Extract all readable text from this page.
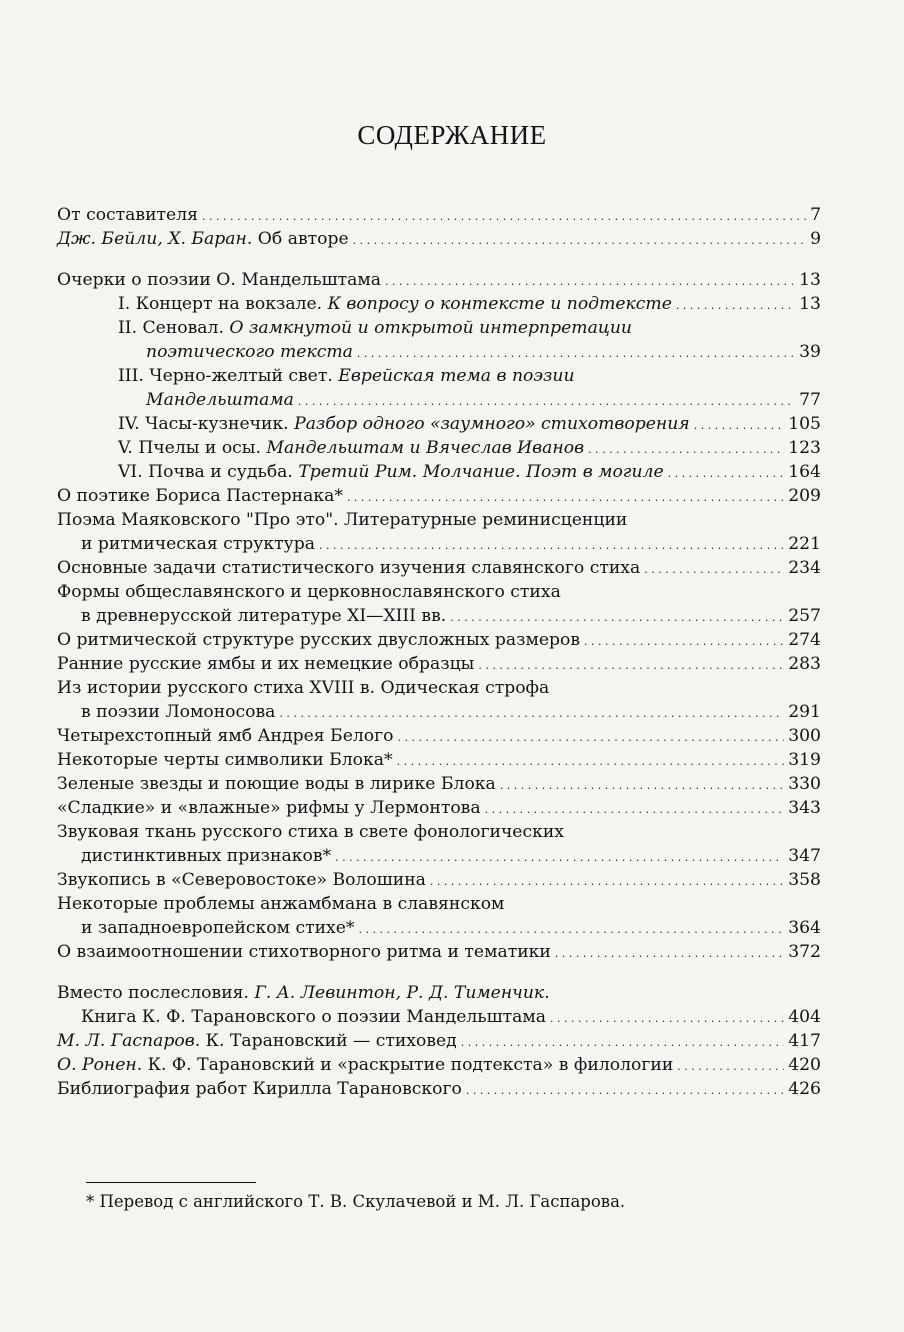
СОДЕРЖАНИЕ
От составителя . . .	7
Дж. Бейли, Х. Баран. Об авторе . . .	9
Очерки о поэзии О. Мандельштама . . .	13
I. Концерт на вокзале. К вопросу о контексте и подтексте . . .	13
II. Сеновал. О замкнутой и открытой интерпретации
поэтического текста . . .	39
III. Черно-желтый свет. Еврейская тема в поэзии
Мандельштама . . .	77
IV. Часы-кузнечик. Разбор одного «заумного» стихотворения . . .	105
V. Пчелы и осы. Мандельштам и Вячеслав Иванов . . .	123
VI. Почва и судьба. Третий Рим. Молчание. Поэт в могиле . . .	164
О поэтике Бориса Пастернака* . . .	209
Поэма Маяковского "Про это". Литературные реминисценции
и ритмическая структура . . .	221
Основные задачи статистического изучения славянского стиха . . .	234
Формы общеславянского и церковнославянского стиха
в древнерусской литературе XI—XIII вв. . . .	257
О ритмической структуре русских двусложных размеров . . .	274
Ранние русские ямбы и их немецкие образцы . . .	283
Из истории русского стиха XVIII в. Одическая строфа
в поэзии Ломоносова . . .	291
Четырехстопный ямб Андрея Белого . . .	300
Некоторые черты символики Блока* . . .	319
Зеленые звезды и поющие воды в лирике Блока . . .	330
«Сладкие» и «влажные» рифмы у Лермонтова . . .	343
Звуковая ткань русского стиха в свете фонологических
дистинктивных признаков* . . .	347
Звукопись в «Северовостоке» Волошина . . .	358
Некоторые проблемы анжамбмана в славянском
и западноевропейском стихе* . . .	364
О взаимоотношении стихотворного ритма и тематики . . .	372
Вместо послесловия. Г. А. Левинтон, Р. Д. Тименчик.
Книга К. Ф. Тарановского о поэзии Мандельштама . . .	404
М. Л. Гаспаров. К. Тарановский — стиховед . . .	417
О. Ронен. К. Ф. Тарановский и «раскрытие подтекста» в филологии . . .	420
Библиография работ Кирилла Тарановского . . .	426
* Перевод с английского Т. В. Скулачевой и М. Л. Гаспарова.
